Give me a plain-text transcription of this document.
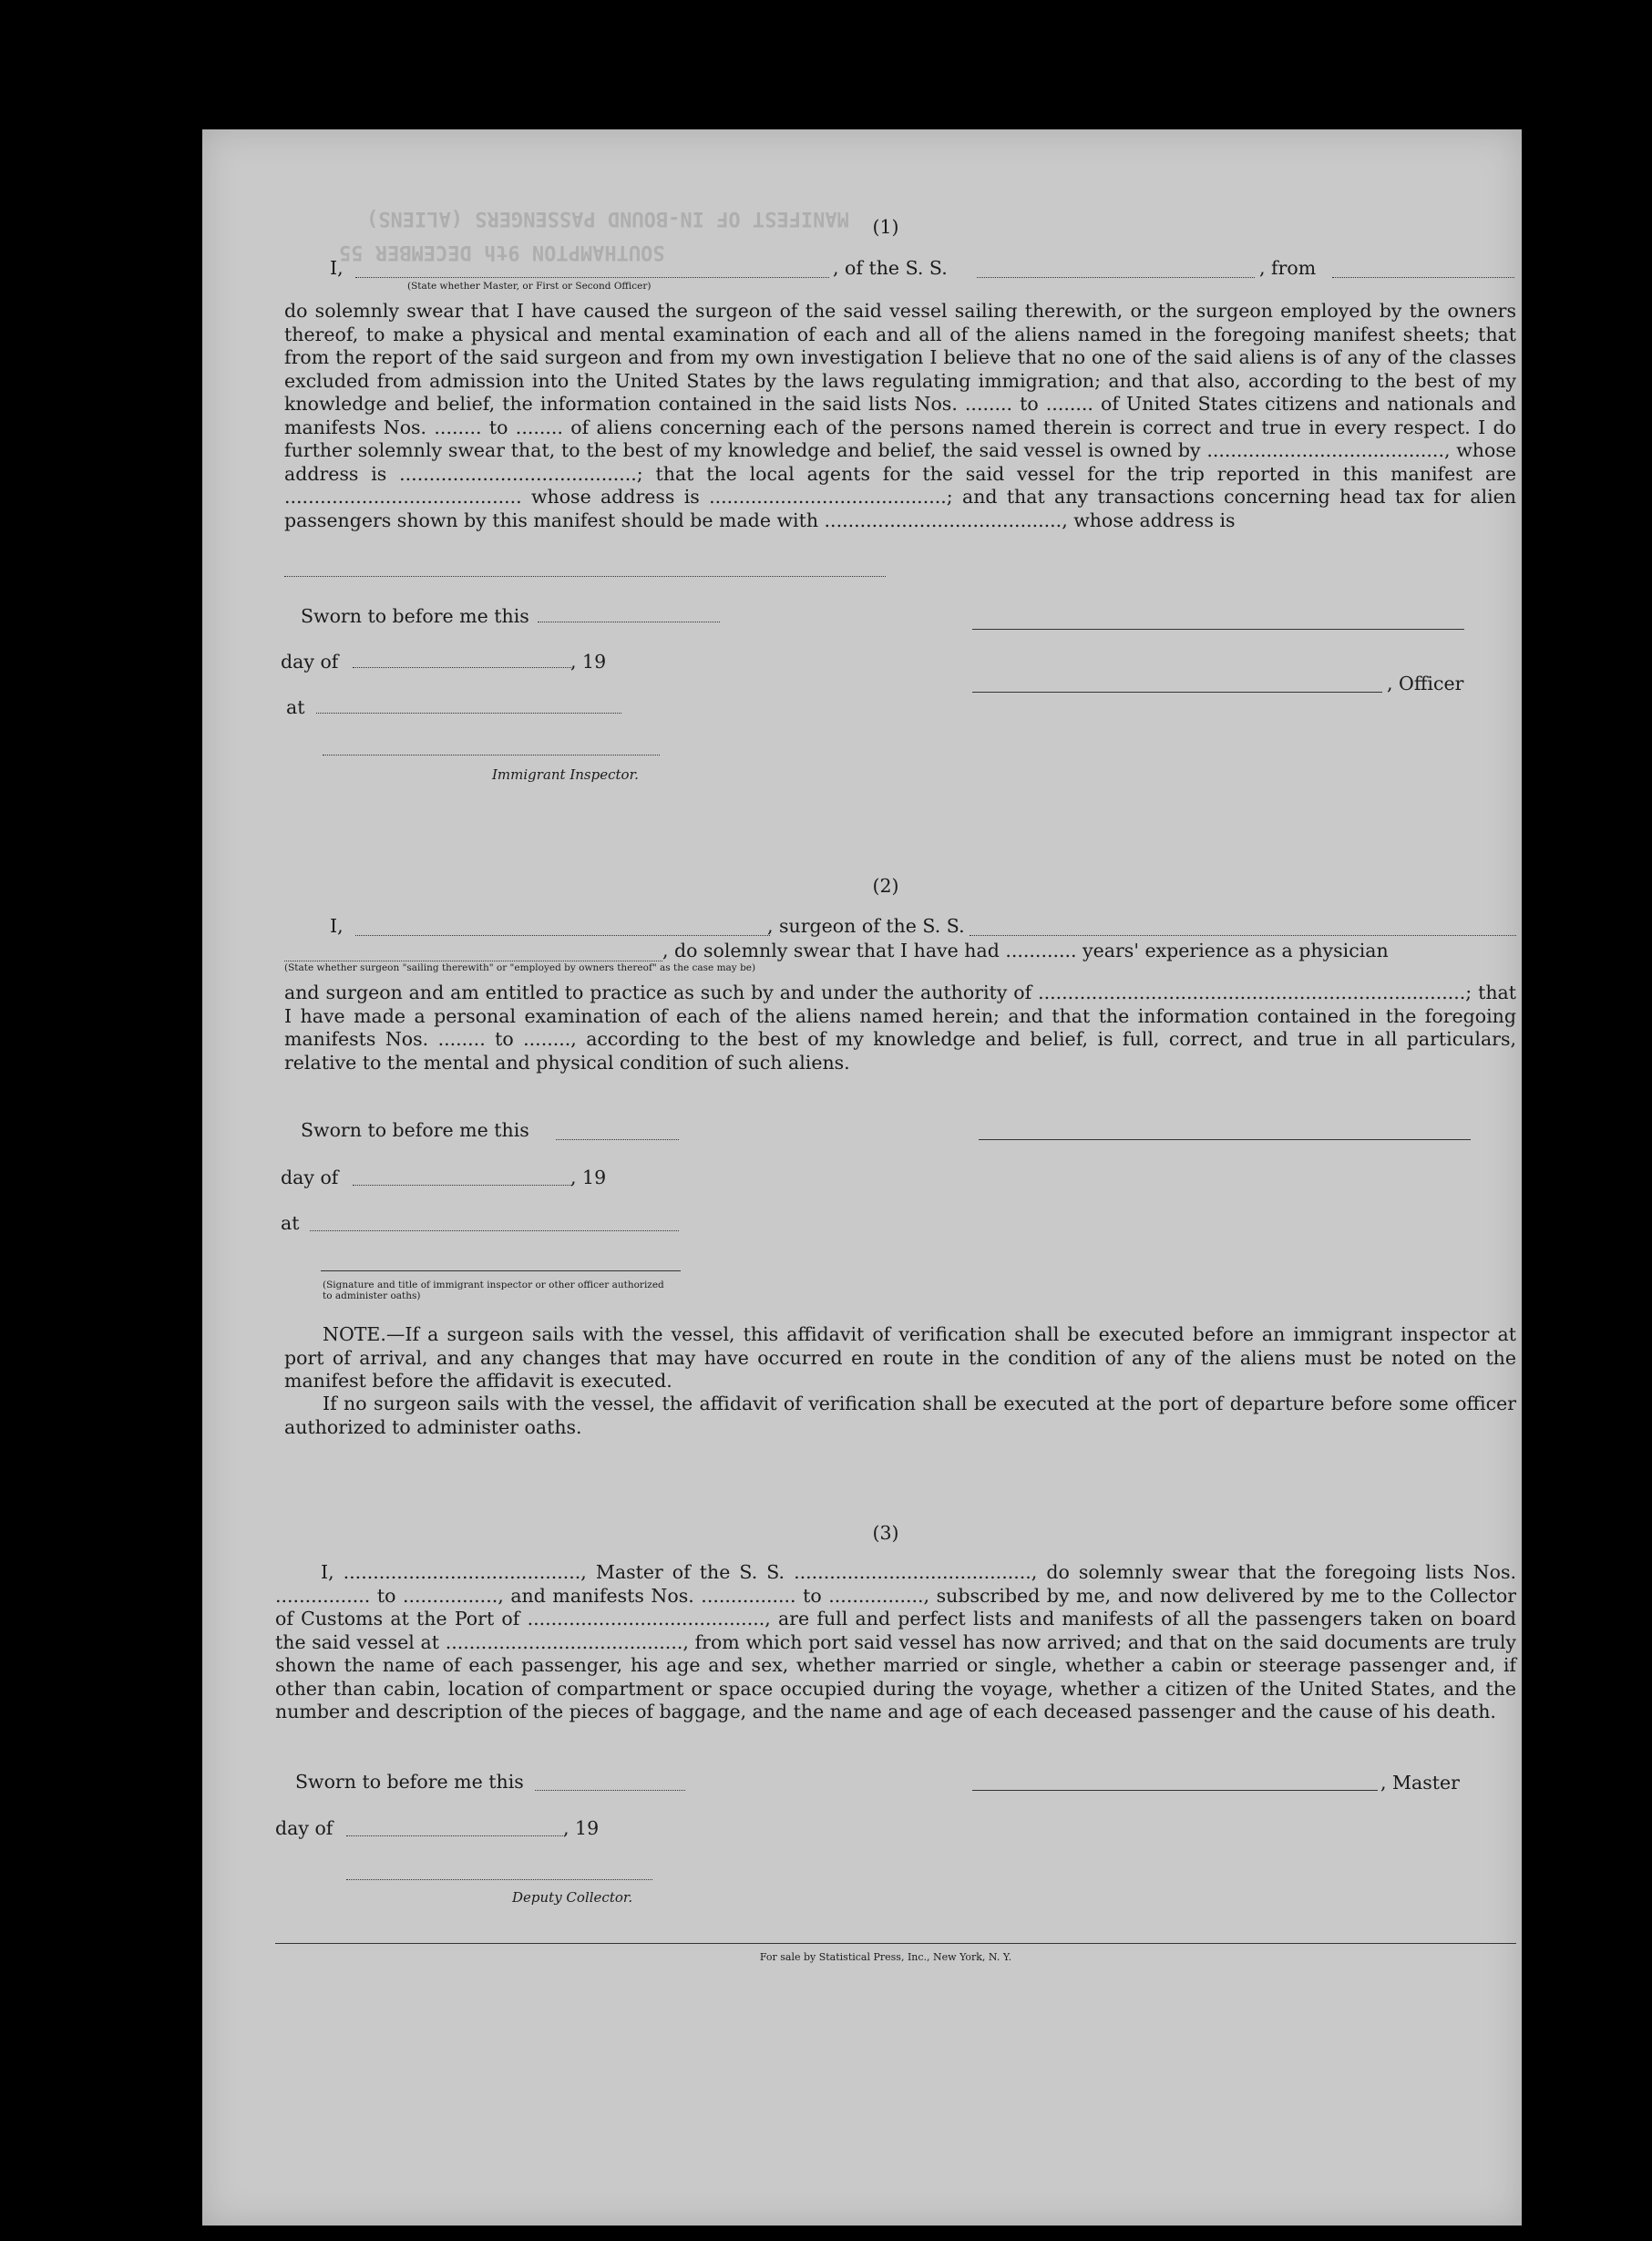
MANIFEST OF IN-BOUND PASSENGERS (ALIENS)
SOUTHAMPTON 9th DECEMBER 55
(1)
I,	, of the S. S.	, from
(State whether Master, or First or Second Officer)
do solemnly swear that I have caused the surgeon of the said vessel sailing therewith, or the surgeon employed by the owners thereof, to make a physical and mental examination of each and all of the aliens named in the foregoing manifest sheets; that from the report of the said surgeon and from my own investigation I believe that no one of the said aliens is of any of the classes excluded from admission into the United States by the laws regulating immigration; and that also, according to the best of my knowledge and belief, the information contained in the said lists Nos. ........ to ........ of United States citizens and nationals and manifests Nos. ........ to ........ of aliens concerning each of the persons named therein is correct and true in every respect. I do further solemnly swear that, to the best of my knowledge and belief, the said vessel is owned by ........................................, whose address is ........................................; that the local agents for the said vessel for the trip reported in this manifest are ........................................ whose address is ........................................; and that any transactions concerning head tax for alien passengers shown by this manifest should be made with ........................................, whose address is
Sworn to before me this
day of	, 19
at
, Officer
Immigrant Inspector.
(2)
I,	, surgeon of the S. S.
, do solemnly swear that I have had ............ years' experience as a physician
(State whether surgeon "sailing therewith" or "employed by owners thereof" as the case may be)
and surgeon and am entitled to practice as such by and under the authority of ........................................................................; that I have made a personal examination of each of the aliens named herein; and that the information contained in the foregoing manifests Nos. ........ to ........, according to the best of my knowledge and belief, is full, correct, and true in all particulars, relative to the mental and physical condition of such aliens.
Sworn to before me this
day of	, 19
at
(Signature and title of immigrant inspector or other officer authorized to administer oaths)
NOTE.—If a surgeon sails with the vessel, this affidavit of verification shall be executed before an immigrant inspector at port of arrival, and any changes that may have occurred en route in the condition of any of the aliens must be noted on the manifest before the affidavit is executed.
If no surgeon sails with the vessel, the affidavit of verification shall be executed at the port of departure before some officer authorized to administer oaths.
(3)
I, ........................................, Master of the S. S. ........................................, do solemnly swear that the foregoing lists Nos. ................ to ................, and manifests Nos. ................ to ................, subscribed by me, and now delivered by me to the Collector of Customs at the Port of ........................................, are full and perfect lists and manifests of all the passengers taken on board the said vessel at ........................................, from which port said vessel has now arrived; and that on the said documents are truly shown the name of each passenger, his age and sex, whether married or single, whether a cabin or steerage passenger and, if other than cabin, location of compartment or space occupied during the voyage, whether a citizen of the United States, and the number and description of the pieces of baggage, and the name and age of each deceased passenger and the cause of his death.
Sworn to before me this	, Master
day of	, 19
Deputy Collector.
For sale by Statistical Press, Inc., New York, N. Y.
